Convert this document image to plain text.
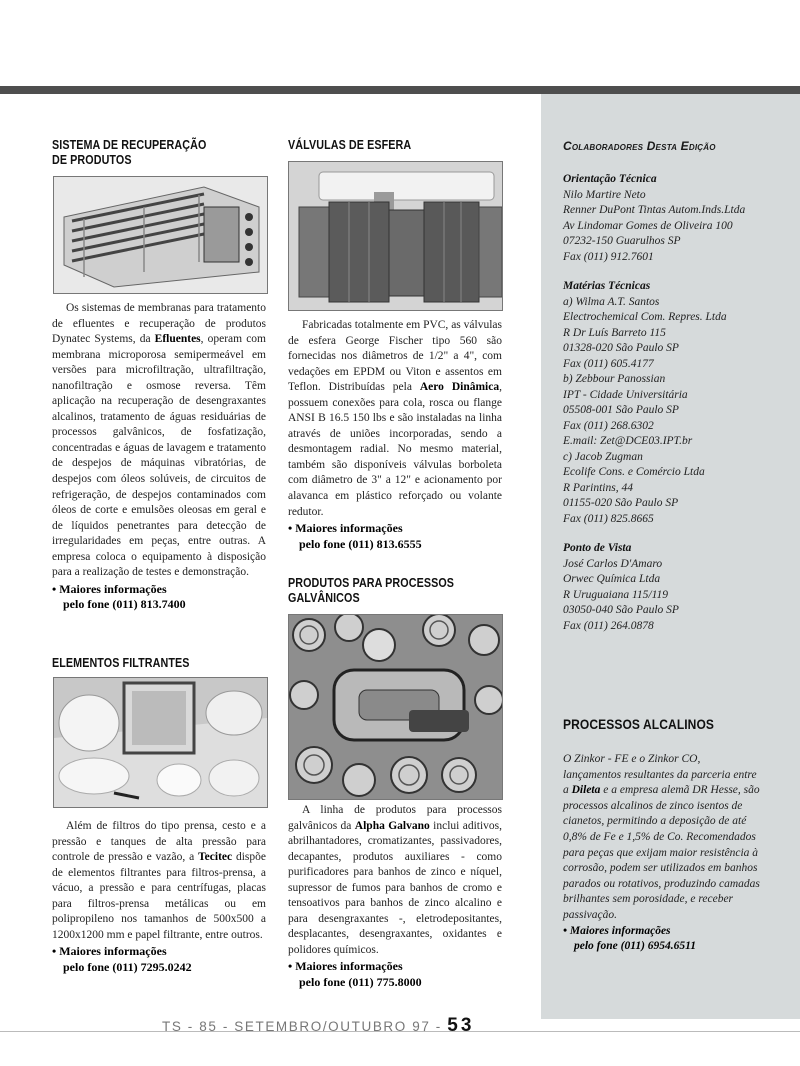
SISTEMA DE RECUPERAÇÃO
DE PRODUTOS

Os sistemas de membranas para tratamento de efluentes e recuperação de produtos Dynatec Systems, da Efluentes, operam com membrana microporosa semipermeável em versões para microfiltração, ultrafiltração, nanofiltração e osmose reversa. Têm aplicação na recuperação de desengraxantes alcalinos, tratamento de águas residuárias de processos galvânicos, de fosfatização, concentradas e águas de lavagem e tratamento de despejos de máquinas vibratórias, de despejos com óleos solúveis, de circuitos de refrigeração, de despejos contaminados com óleos de corte e emulsões oleosas em geral e de líquidos penetrantes para detecção de irregularidades em peças, entre outras. A empresa coloca o equipamento à disposição para a realização de testes e demonstração.

• Maiores informações
pelo fone (011) 813.7400
ELEMENTOS FILTRANTES

Além de filtros do tipo prensa, cesto e a pressão e tanques de alta pressão para controle de pressão e vazão, a Tecitec dispõe de elementos filtrantes para filtros-prensa, a vácuo, a pressão e para centrífugas, placas para filtros-prensa metálicas ou em polipropileno nos tamanhos de 500x500 a 1200x1200 mm e papel filtrante, entre outros.

• Maiores informações
pelo fone (011) 7295.0242
VÁLVULAS DE ESFERA

Fabricadas totalmente em PVC, as válvulas de esfera George Fischer tipo 560 são fornecidas nos diâmetros de 1/2" a 4", com vedações em EPDM ou Viton e assentos em Teflon. Distribuídas pela Aero Dinâmica, possuem conexões para cola, rosca ou flange ANSI B 16.5 150 lbs e são instaladas na linha através de uniões incorporadas, sendo a desmontagem radial. No mesmo material, também são disponíveis válvulas borboleta com diâmetro de 3" a 12" e acionamento por alavanca em plástico reforçado ou volante redutor.

• Maiores informações
pelo fone (011) 813.6555
PRODUTOS PARA PROCESSOS
GALVÂNICOS

A linha de produtos para processos galvânicos da Alpha Galvano inclui aditivos, abrilhantadores, cromatizantes, passivadores, decapantes, produtos auxiliares - como purificadores para banhos de zinco e níquel, supressor de fumos para banhos de cromo e tensoativos para banhos de zinco alcalino e para desengraxantes -, eletrodepositantes, desplacantes, desengraxantes, oxidantes e polidores químicos.

• Maiores informações
pelo fone (011) 775.8000
Colaboradores Desta Edição
Orientação Técnica
Nilo Martire Neto
Renner DuPont Tintas Autom.Inds.Ltda
Av Lindomar Gomes de Oliveira 100
07232-150 Guarulhos SP
Fax (011) 912.7601
Matérias Técnicas
a) Wilma A.T. Santos
Electrochemical Com. Repres. Ltda
R Dr Luís Barreto 115
01328-020 São Paulo SP
Fax (011) 605.4177
b) Zebbour Panossian
IPT - Cidade Universitária
05508-001 São Paulo SP
Fax (011) 268.6302
E.mail: Zet@DCE03.IPT.br
c) Jacob Zugman
Ecolife Cons. e Comércio Ltda
R Parintins, 44
01155-020 São Paulo SP
Fax (011) 825.8665
Ponto de Vista
José Carlos D'Amaro
Orwec Química Ltda
R Uruguaiana 115/119
03050-040 São Paulo SP
Fax (011) 264.0878
PROCESSOS ALCALINOS
O Zinkor - FE e o Zinkor CO, lançamentos resultantes da parceria entre a Dileta e a empresa alemã DR Hesse, são processos alcalinos de zinco isentos de cianetos, permitindo a deposição de até 0,8% de Fe e 1,5% de Co. Recomendados para peças que exijam maior resistência à corrosão, podem ser utilizados em banhos parados ou rotativos, produzindo camadas brilhantes sem porosidade, e receber passivação.
• Maiores informações
pelo fone (011) 6954.6511
TS - 85 - SETEMBRO/OUTUBRO 97 - 53
